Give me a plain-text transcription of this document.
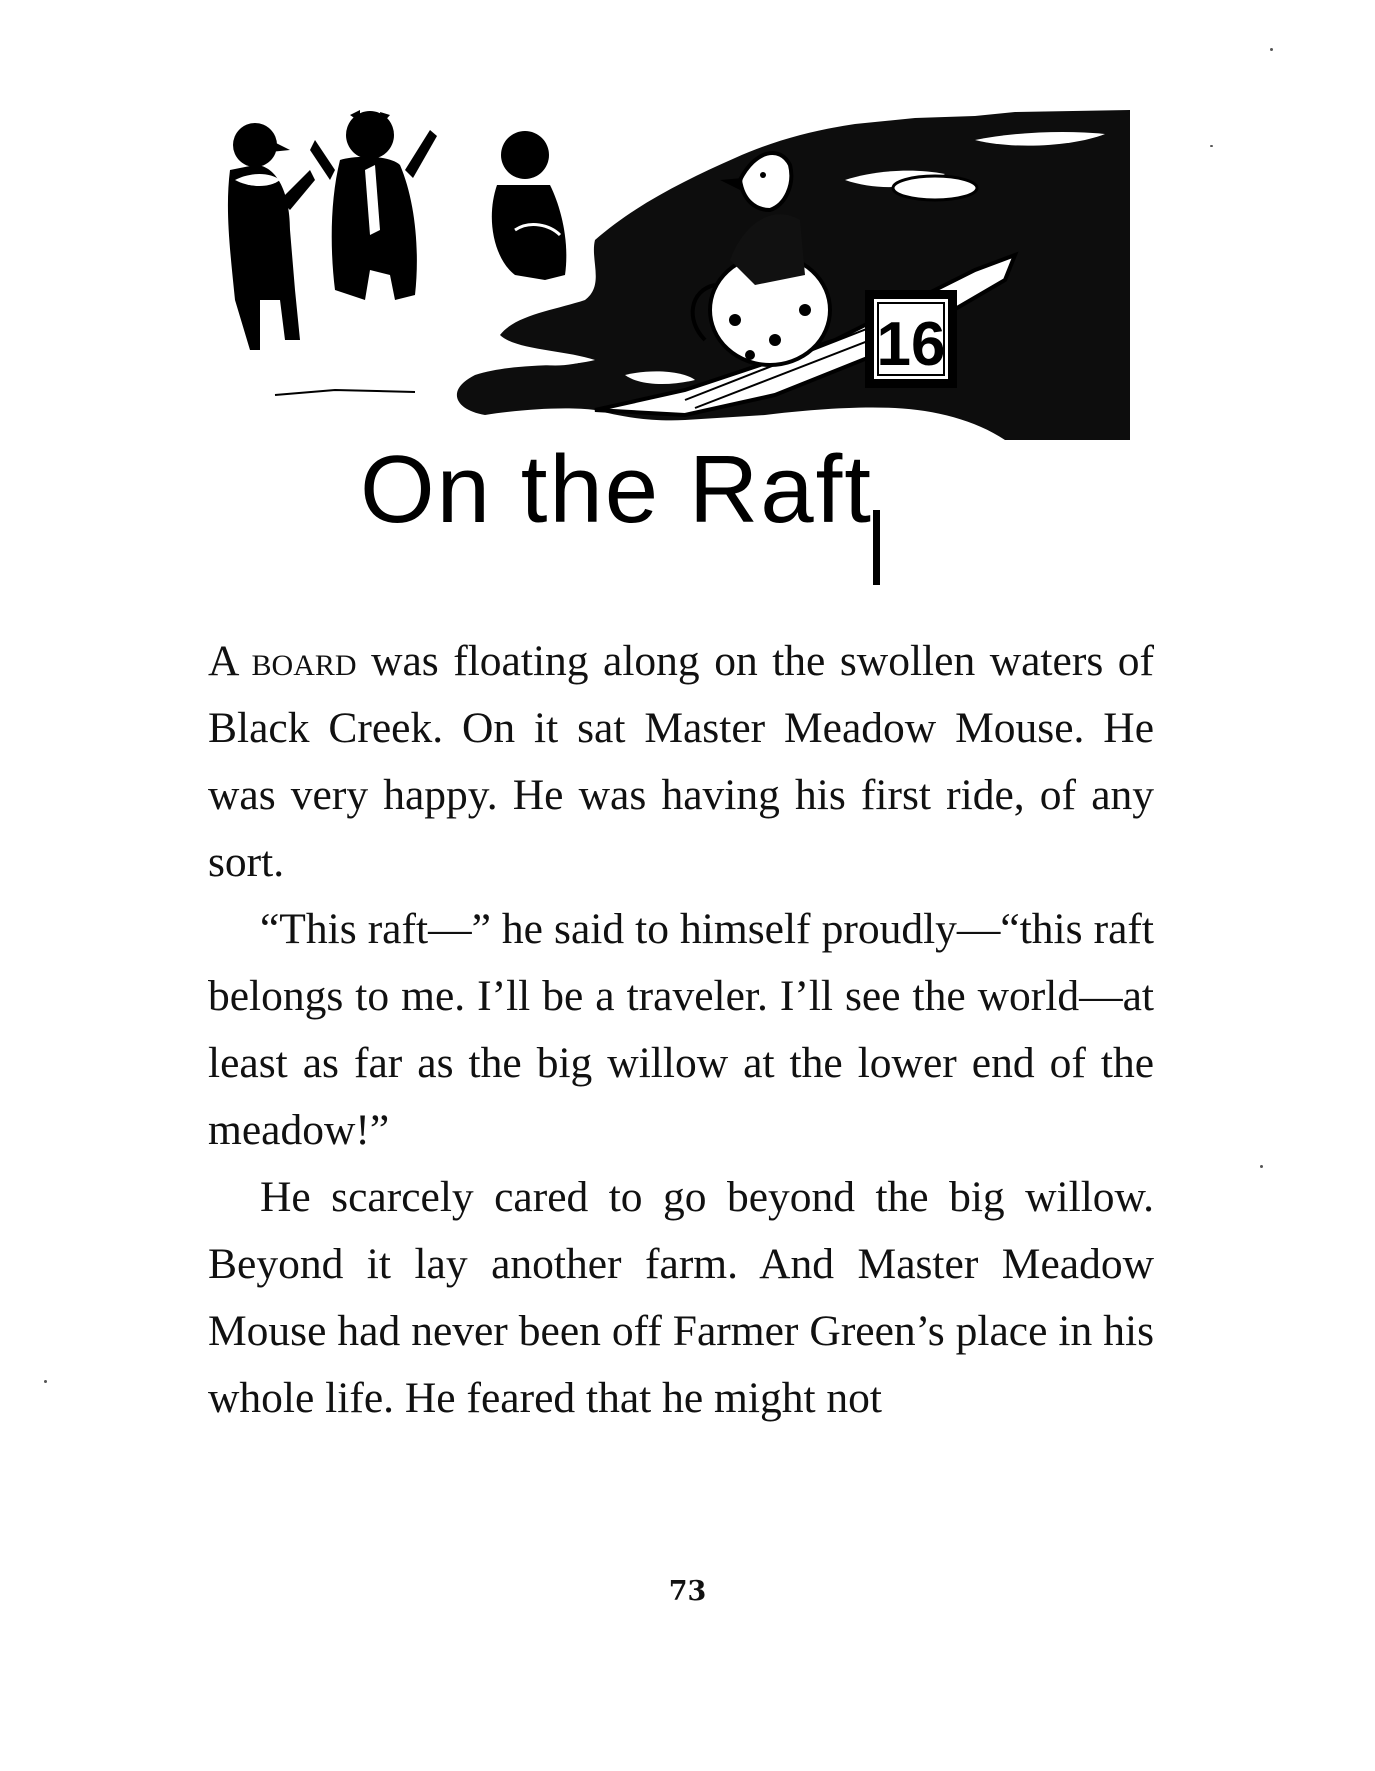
16
On the Raft

A board was floating along on the swollen waters of Black Creek. On it sat Master Meadow Mouse. He was very happy. He was having his first ride, of any sort.

“This raft—” he said to himself proudly—“this raft belongs to me. I’ll be a traveler. I’ll see the world—at least as far as the big willow at the lower end of the meadow!”

He scarcely cared to go beyond the big willow. Beyond it lay another farm. And Master Meadow Mouse had never been off Farmer Green’s place in his whole life. He feared that he might not

73
